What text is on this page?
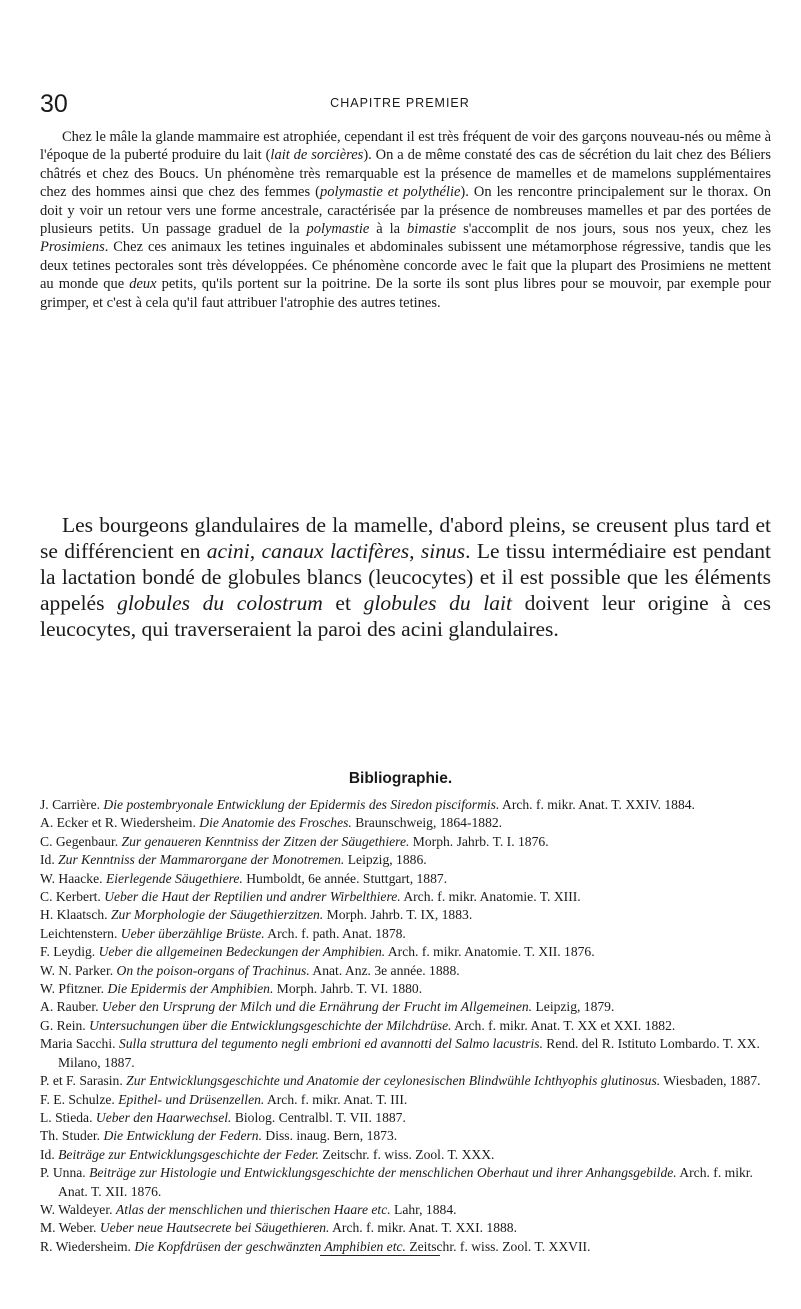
30	CHAPITRE PREMIER

Chez le mâle la glande mammaire est atrophiée, cependant il est très fréquent de voir des garçons nouveau-nés ou même à l'époque de la puberté produire du lait (lait de sorcières). On a de même constaté des cas de sécrétion du lait chez des Béliers châtrés et chez des Boucs. Un phénomène très remarquable est la présence de mamelles et de mamelons supplémentaires chez des hommes ainsi que chez des femmes (polymastie et polythélie). On les rencontre principalement sur le thorax. On doit y voir un retour vers une forme ancestrale, caractérisée par la présence de nombreuses mamelles et par des portées de plusieurs petits. Un passage graduel de la polymastie à la bimastie s'accomplit de nos jours, sous nos yeux, chez les Prosimiens. Chez ces animaux les tetines inguinales et abdominales subissent une métamorphose régressive, tandis que les deux tetines pectorales sont très développées. Ce phénomène concorde avec le fait que la plupart des Prosimiens ne mettent au monde que deux petits, qu'ils portent sur la poitrine. De la sorte ils sont plus libres pour se mouvoir, par exemple pour grimper, et c'est à cela qu'il faut attribuer l'atrophie des autres tetines.

Les bourgeons glandulaires de la mamelle, d'abord pleins, se creusent plus tard et se différencient en acini, canaux lactifères, sinus. Le tissu intermédiaire est pendant la lactation bondé de globules blancs (leucocytes) et il est possible que les éléments appelés globules du colostrum et globules du lait doivent leur origine à ces leucocytes, qui traverseraient la paroi des acini glandulaires.

Bibliographie.
J. Carrière. Die postembryonale Entwicklung der Epidermis des Siredon pisciformis. Arch. f. mikr. Anat. T. XXIV. 1884.
A. Ecker et R. Wiedersheim. Die Anatomie des Frosches. Braunschweig, 1864-1882.
C. Gegenbaur. Zur genaueren Kenntniss der Zitzen der Säugethiere. Morph. Jahrb. T. I. 1876.
Id. Zur Kenntniss der Mammarorgane der Monotremen. Leipzig, 1886.
W. Haacke. Eierlegende Säugethiere. Humboldt, 6e année. Stuttgart, 1887.
C. Kerbert. Ueber die Haut der Reptilien und andrer Wirbelthiere. Arch. f. mikr. Anatomie. T. XIII.
H. Klaatsch. Zur Morphologie der Säugethierzitzen. Morph. Jahrb. T. IX, 1883.
Leichtenstern. Ueber überzählige Brüste. Arch. f. path. Anat. 1878.
F. Leydig. Ueber die allgemeinen Bedeckungen der Amphibien. Arch. f. mikr. Anatomie. T. XII. 1876.
W. N. Parker. On the poison-organs of Trachinus. Anat. Anz. 3e année. 1888.
W. Pfitzner. Die Epidermis der Amphibien. Morph. Jahrb. T. VI. 1880.
A. Rauber. Ueber den Ursprung der Milch und die Ernährung der Frucht im Allgemeinen. Leipzig, 1879.
G. Rein. Untersuchungen über die Entwicklungsgeschichte der Milchdrüse. Arch. f. mikr. Anat. T. XX et XXI. 1882.
Maria Sacchi. Sulla struttura del tegumento negli embrioni ed avannotti del Salmo lacustris. Rend. del R. Istituto Lombardo. T. XX. Milano, 1887.
P. et F. Sarasin. Zur Entwicklungsgeschichte und Anatomie der ceylonesischen Blindwühle Ichthyophis glutinosus. Wiesbaden, 1887.
F. E. Schulze. Epithel- und Drüsenzellen. Arch. f. mikr. Anat. T. III.
L. Stieda. Ueber den Haarwechsel. Biolog. Centralbl. T. VII. 1887.
Th. Studer. Die Entwicklung der Federn. Diss. inaug. Bern, 1873.
Id. Beiträge zur Entwicklungsgeschichte der Feder. Zeitschr. f. wiss. Zool. T. XXX.
P. Unna. Beiträge zur Histologie und Entwicklungsgeschichte der menschlichen Oberhaut und ihrer Anhangsgebilde. Arch. f. mikr. Anat. T. XII. 1876.
W. Waldeyer. Atlas der menschlichen und thierischen Haare etc. Lahr, 1884.
M. Weber. Ueber neue Hautsecrete bei Säugethieren. Arch. f. mikr. Anat. T. XXI. 1888.
R. Wiedersheim. Die Kopfdrüsen der geschwänzten Amphibien etc. Zeitschr. f. wiss. Zool. T. XXVII.
